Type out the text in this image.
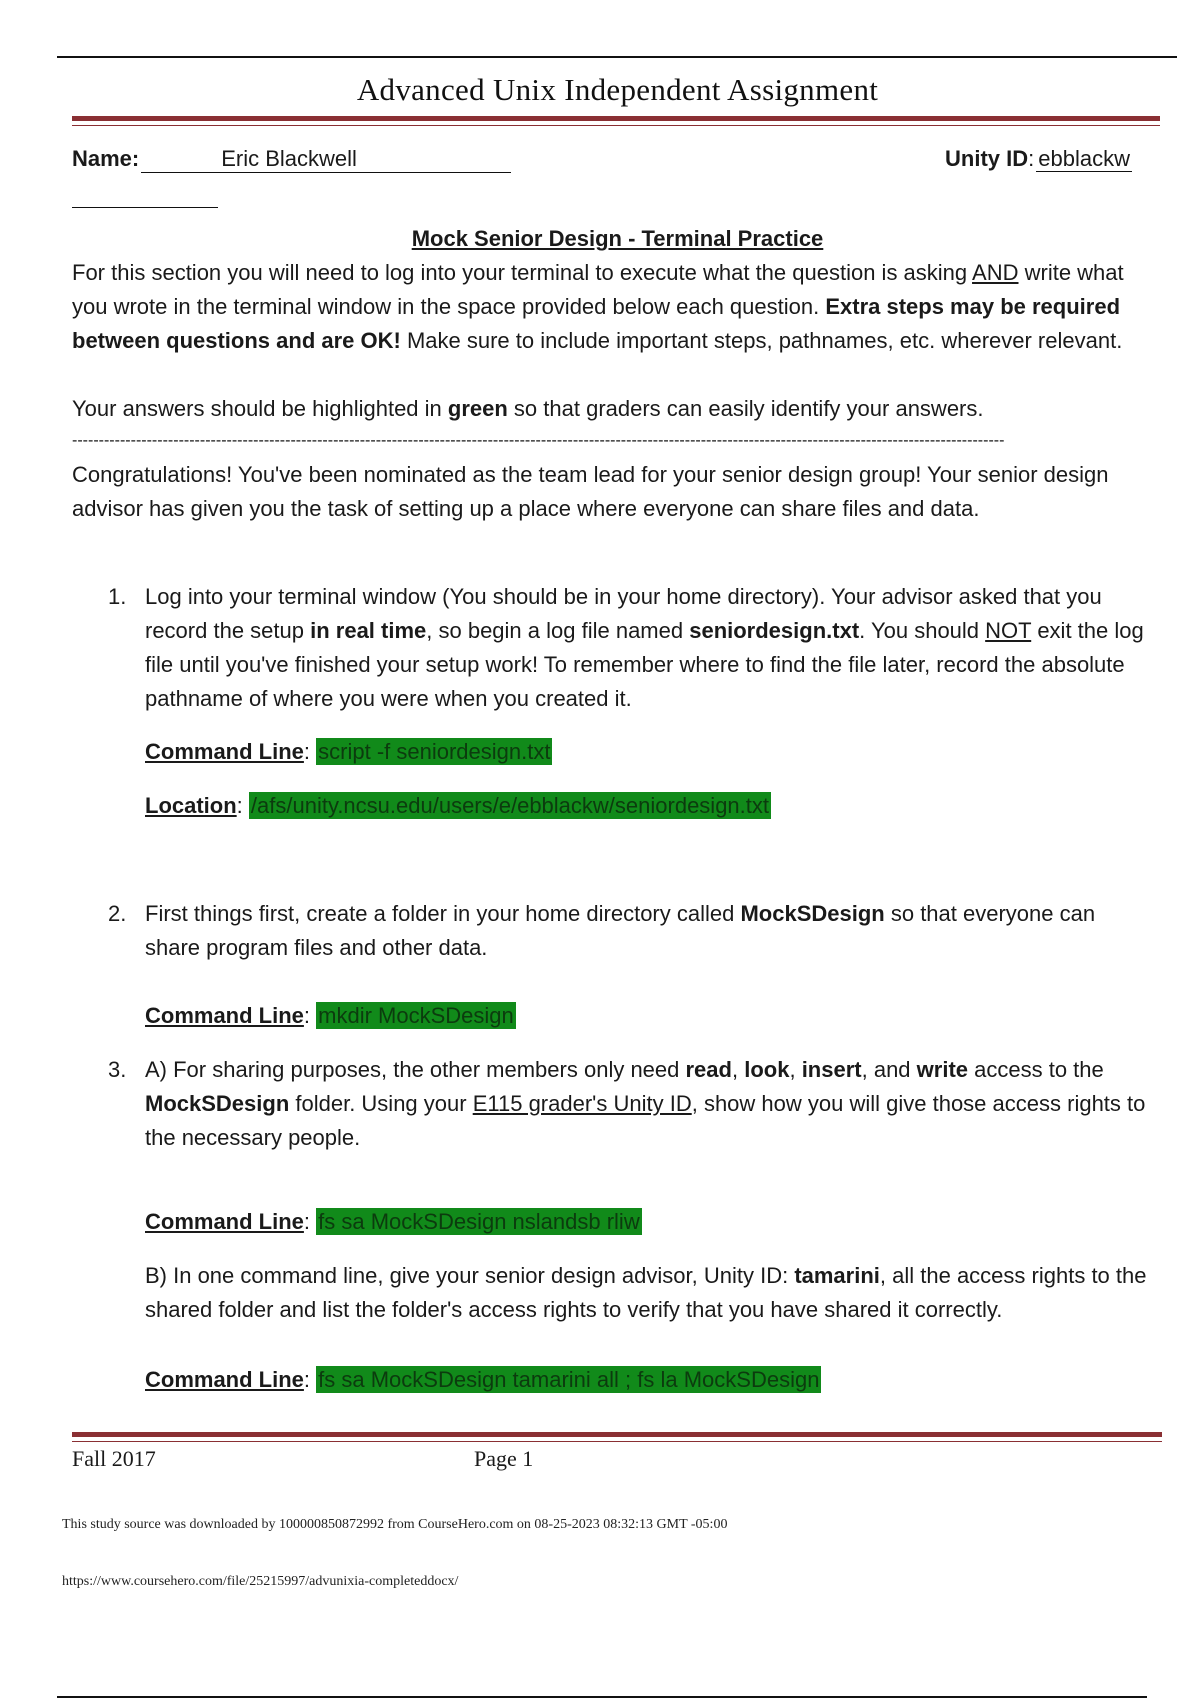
Advanced Unix Independent Assignment
Name:	Eric Blackwell	Unity ID: ebblackw
Mock Senior Design - Terminal Practice
For this section you will need to log into your terminal to execute what the question is asking AND write what you wrote in the terminal window in the space provided below each question. Extra steps may be required between questions and are OK! Make sure to include important steps, pathnames, etc. wherever relevant.
Your answers should be highlighted in green so that graders can easily identify your answers.
-------------------------------------------------------------------------------------------------------------------------------------------------------------------------------
Congratulations! You've been nominated as the team lead for your senior design group! Your senior design advisor has given you the task of setting up a place where everyone can share files and data.
1. Log into your terminal window (You should be in your home directory). Your advisor asked that you record the setup in real time, so begin a log file named seniordesign.txt. You should NOT exit the log file until you've finished your setup work! To remember where to find the file later, record the absolute pathname of where you were when you created it.
Command Line: script -f seniordesign.txt
Location: /afs/unity.ncsu.edu/users/e/ebblackw/seniordesign.txt
2. First things first, create a folder in your home directory called MockSDesign so that everyone can share program files and other data.
Command Line: mkdir MockSDesign
3. A) For sharing purposes, the other members only need read, look, insert, and write access to the MockSDesign folder. Using your E115 grader's Unity ID, show how you will give those access rights to the necessary people.
Command Line: fs sa MockSDesign nslandsb rliw
B) In one command line, give your senior design advisor, Unity ID: tamarini, all the access rights to the shared folder and list the folder's access rights to verify that you have shared it correctly.
Command Line: fs sa MockSDesign tamarini all ; fs la MockSDesign
Fall 2017	Page 1
This study source was downloaded by 100000850872992 from CourseHero.com on 08-25-2023 08:32:13 GMT -05:00
https://www.coursehero.com/file/25215997/advunixia-completeddocx/
